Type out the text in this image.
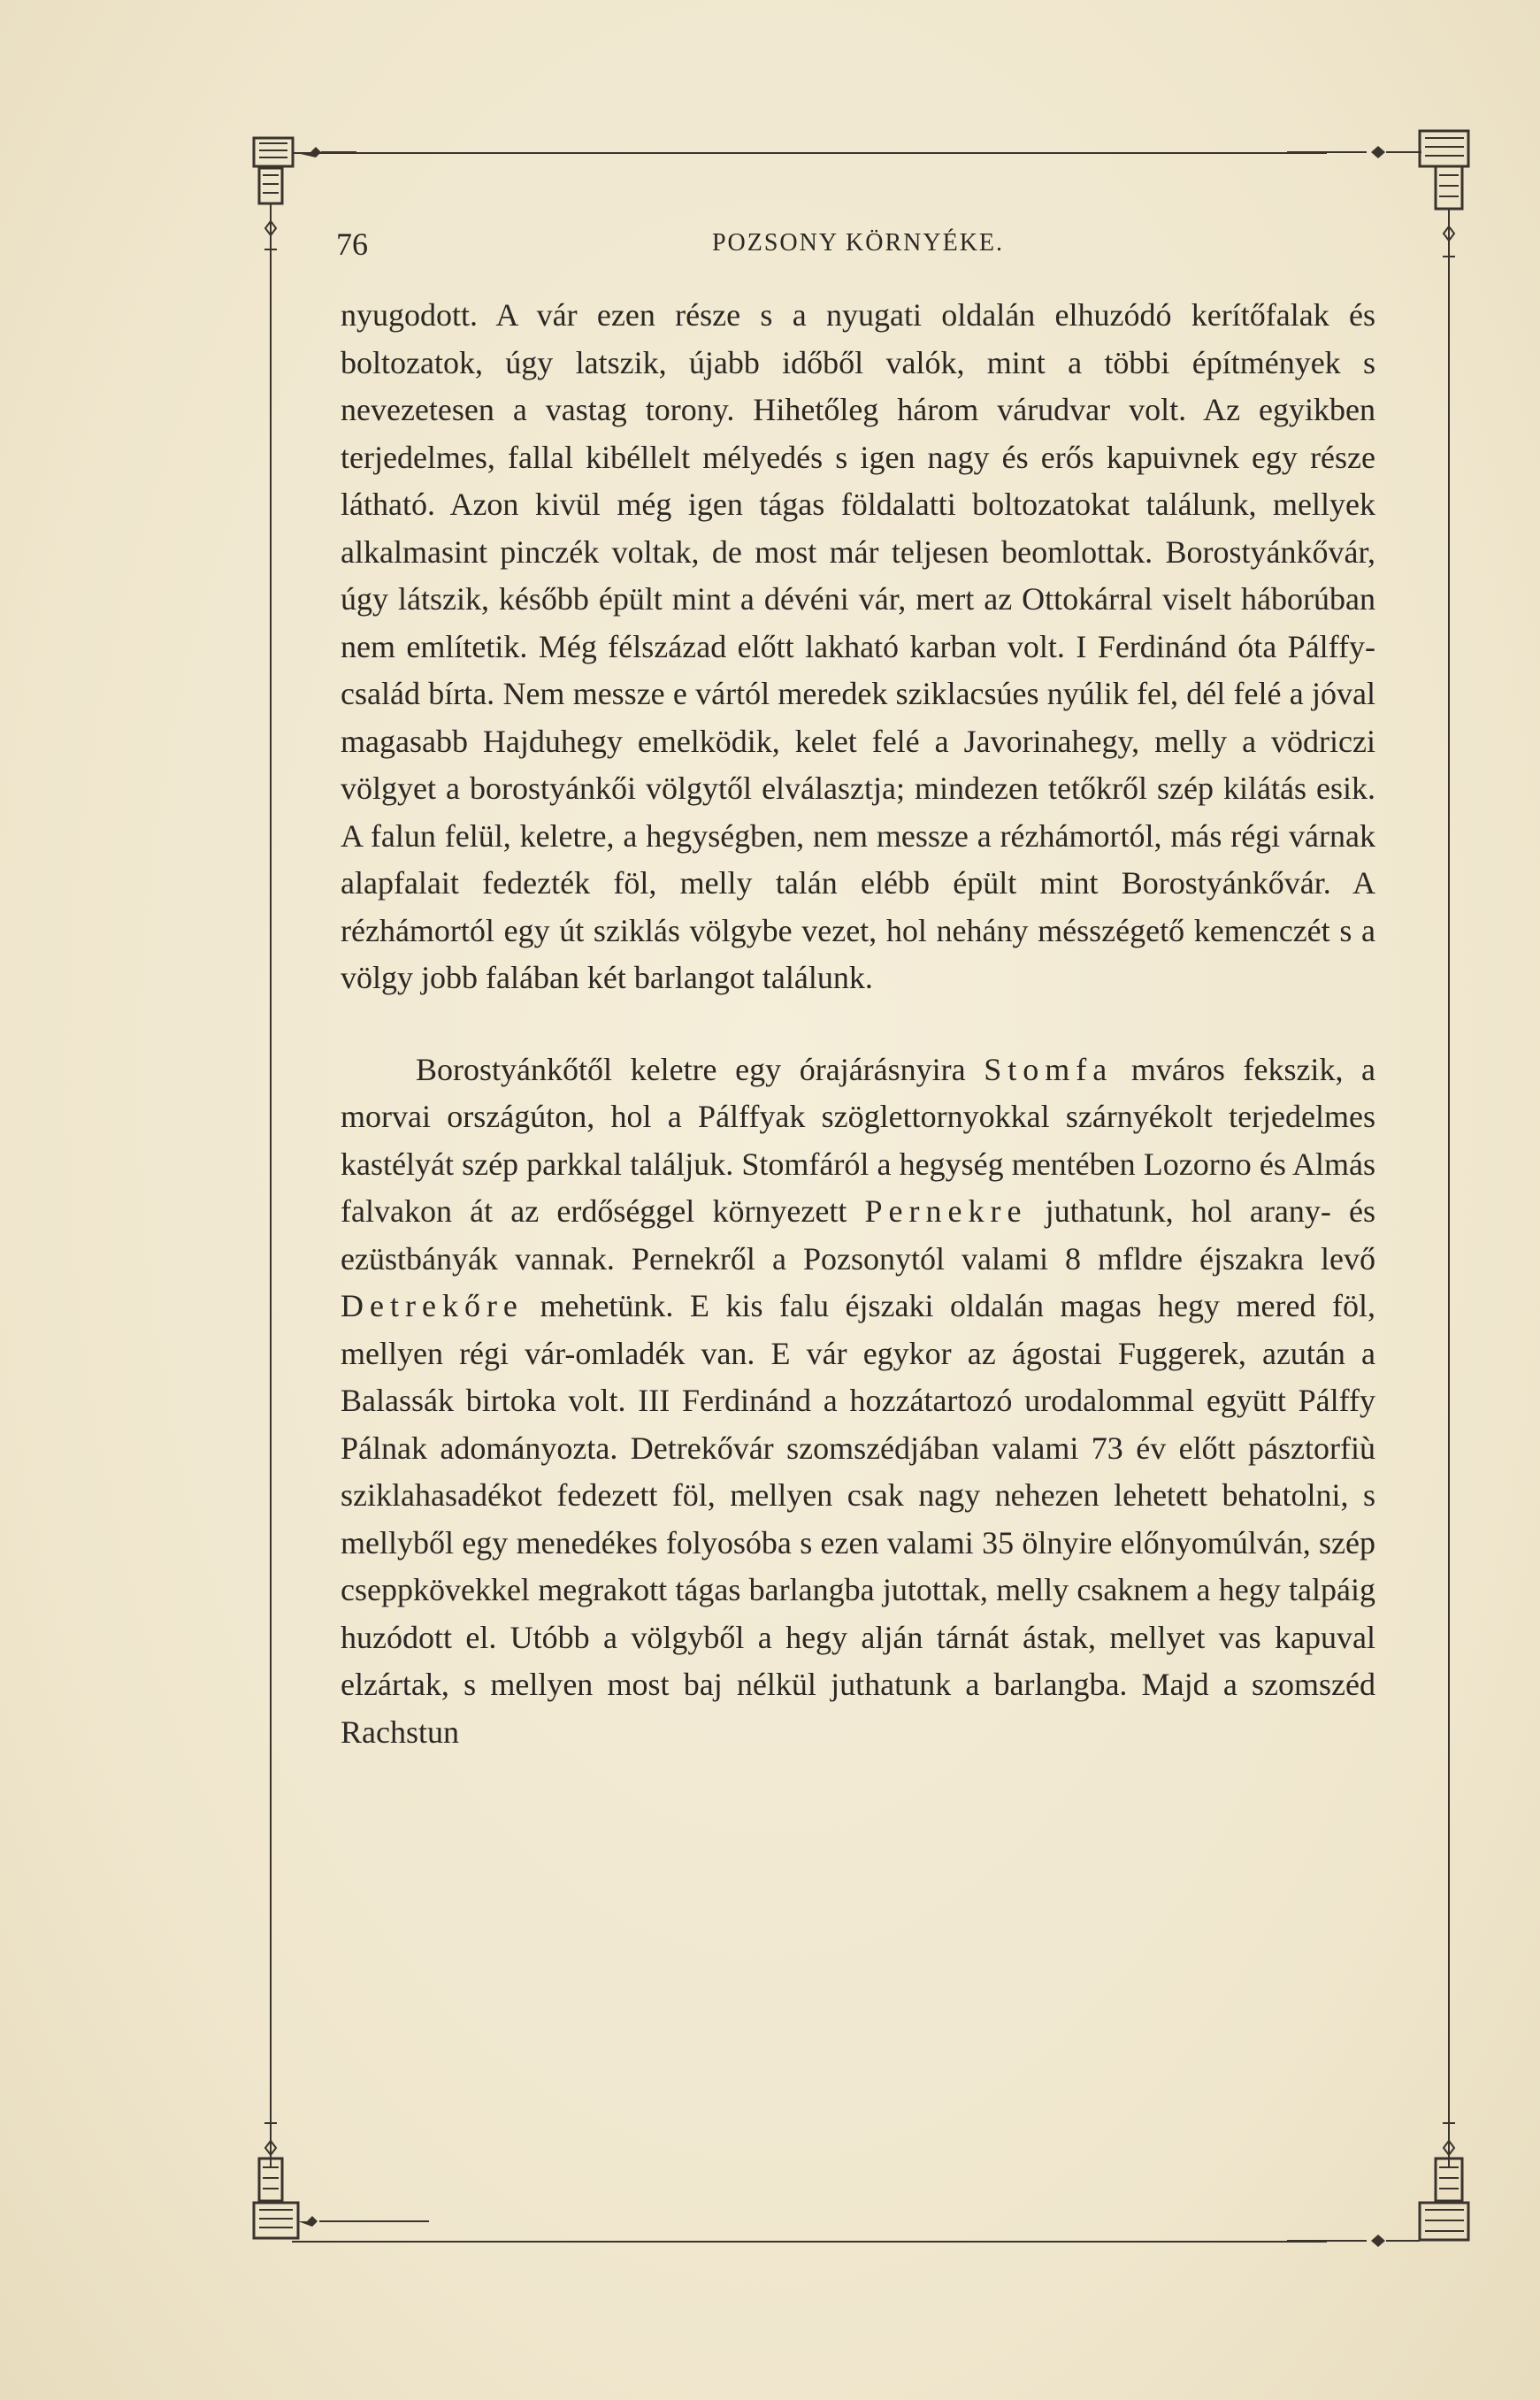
76	POZSONY KÖRNYÉKE.

nyugodott. A vár ezen része s a nyugati oldalán elhuzódó kerítőfalak és boltozatok, úgy latszik, újabb időből valók, mint a többi építmények s nevezetesen a vastag torony. Hihetőleg három várudvar volt. Az egyikben terjedelmes, fallal kibéllelt mélyedés s igen nagy és erős kapuivnek egy része látható. Azon kivül még igen tágas földalatti boltozatokat találunk, mellyek alkalmasint pinczék voltak, de most már teljesen beomlottak. Borostyánkővár, úgy látszik, később épült mint a dévéni vár, mert az Ottokárral viselt háborúban nem említetik. Még félszázad előtt lakható karban volt. I Ferdinánd óta Pálffy-család bírta. Nem messze e vártól meredek sziklacsúes nyúlik fel, dél felé a jóval magasabb Hajduhegy emelködik, kelet felé a Javorinahegy, melly a vödriczi völgyet a borostyánkői völgytől elválasztja; mindezen tetőkről szép kilátás esik. A falun felül, keletre, a hegységben, nem messze a rézhámortól, más régi várnak alapfalait fedezték föl, melly talán elébb épült mint Borostyánkővár. A rézhámortól egy út sziklás völgybe vezet, hol nehány mésszégető kemenczét s a völgy jobb falában két barlangot találunk.

Borostyánkőtől keletre egy órajárásnyira Stomfa mváros fekszik, a morvai országúton, hol a Pálffyak szöglettornyokkal szárnyékolt terjedelmes kastélyát szép parkkal találjuk. Stomfáról a hegység mentében Lozorno és Almás falvakon át az erdőséggel környezett Pernekre juthatunk, hol arany- és ezüstbányák vannak. Pernekről a Pozsonytól valami 8 mfldre éjszakra levő Detrekőre mehetünk. E kis falu éjszaki oldalán magas hegy mered föl, mellyen régi vár-omladék van. E vár egykor az ágostai Fuggerek, azután a Balassák birtoka volt. III Ferdinánd a hozzátartozó urodalommal együtt Pálffy Pálnak adományozta. Detrekővár szomszédjában valami 73 év előtt pásztorfiù sziklahasadékot fedezett föl, mellyen csak nagy nehezen lehetett behatolni, s mellyből egy menedékes folyosóba s ezen valami 35 ölnyire előnyomúlván, szép cseppkövekkel megrakott tágas barlangba jutottak, melly csaknem a hegy talpáig huzódott el. Utóbb a völgyből a hegy alján tárnát ástak, mellyet vas kapuval elzártak, s mellyen most baj nélkül juthatunk a barlangba. Majd a szomszéd Rachstun
